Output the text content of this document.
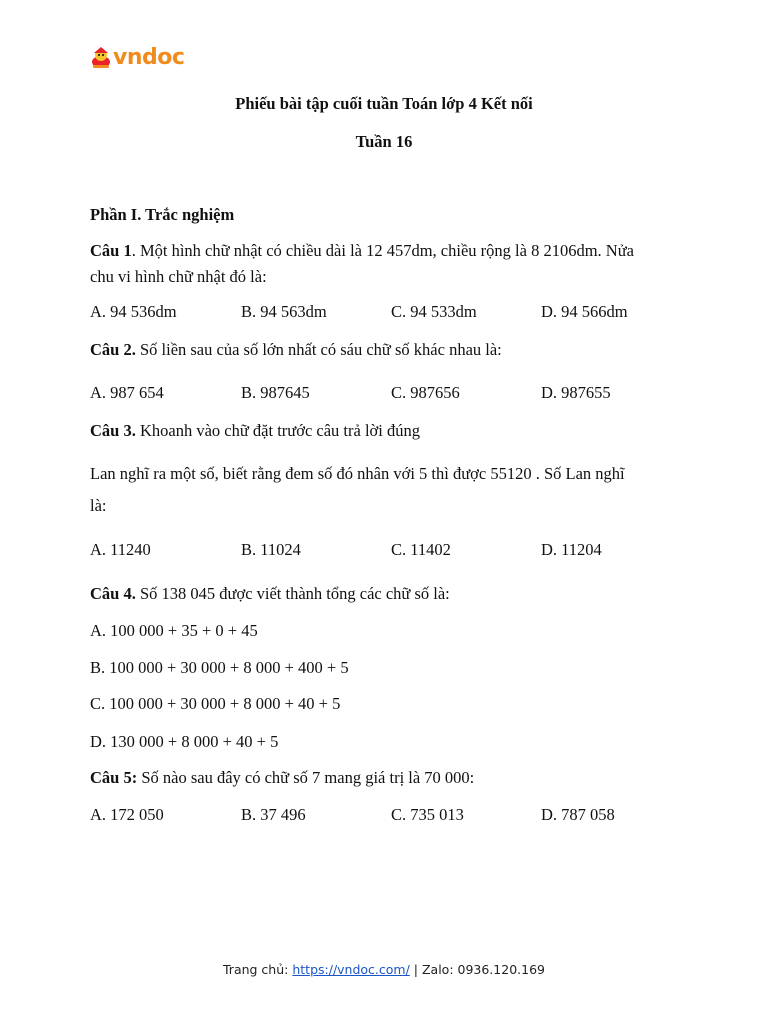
vndoc
Phiếu bài tập cuối tuần Toán lớp 4 Kết nối
Tuần 16
Phần I. Trắc nghiệm
Câu 1. Một hình chữ nhật có chiều dài là 12 457dm, chiều rộng là 8 2106dm. Nửa
chu vi hình chữ nhật đó là:
A. 94 536dm	B. 94 563dm	C. 94 533dm	D. 94 566dm
Câu 2. Số liền sau của số lớn nhất có sáu chữ số khác nhau là:
A. 987 654	B. 987645	C. 987656	D. 987655
Câu 3. Khoanh vào chữ đặt trước câu trả lời đúng
Lan nghĩ ra một số, biết rằng đem số đó nhân với 5 thì được 55120 . Số Lan nghĩ
là:
A. 11240	B. 11024	C. 11402	D. 11204
Câu 4. Số 138 045 được viết thành tổng các chữ số là:
A. 100 000 + 35 + 0 + 45
B. 100 000 + 30 000 + 8 000 + 400 + 5
C. 100 000 + 30 000 + 8 000 + 40 + 5
D. 130 000 + 8 000 + 40 + 5
Câu 5: Số nào sau đây có chữ số 7 mang giá trị là 70 000:
A. 172 050	B. 37 496	C. 735 013	D. 787 058
Trang chủ: https://vndoc.com/ | Zalo: 0936.120.169
